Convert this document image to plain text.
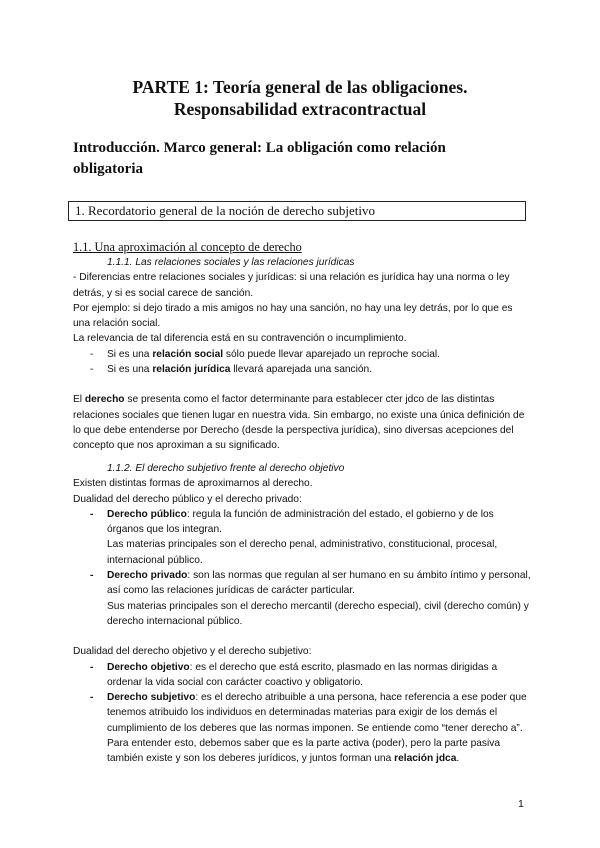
PARTE 1: Teoría general de las obligaciones.
Responsabilidad extracontractual
Introducción. Marco general: La obligación como relación obligatoria
1. Recordatorio general de la noción de derecho subjetivo
1.1. Una aproximación al concepto de derecho

1.1.1. Las relaciones sociales y las relaciones jurídicas

- Diferencias entre relaciones sociales y jurídicas: si una relación es jurídica hay una norma o ley detrás, y si es social carece de sanción.

Por ejemplo: si dejo tirado a mis amigos no hay una sanción, no hay una ley detrás, por lo que es una relación social.

La relevancia de tal diferencia está en su contravención o incumplimiento.

- Si es una relación social sólo puede llevar aparejado un reproche social.
- Si es una relación jurídica llevará aparejada una sanción.

El derecho se presenta como el factor determinante para establecer cter jdco de las distintas relaciones sociales que tienen lugar en nuestra vida. Sin embargo, no existe una única definición de lo que debe entenderse por Derecho (desde la perspectiva jurídica), sino diversas acepciones del concepto que nos aproximan a su significado.

1.1.2. El derecho subjetivo frente al derecho objetivo

Existen distintas formas de aproximarnos al derecho.

Dualidad del derecho público y el derecho privado:

- Derecho público: regula la función de administración del estado, el gobierno y de los órganos que los integran.
Las materias principales son el derecho penal, administrativo, constitucional, procesal, internacional público.
- Derecho privado: son las normas que regulan al ser humano en su ámbito íntimo y personal, así como las relaciones jurídicas de carácter particular.
Sus materias principales son el derecho mercantil (derecho especial), civil (derecho común) y derecho internacional público.

Dualidad del derecho objetivo y el derecho subjetivo:

- Derecho objetivo: es el derecho que está escrito, plasmado en las normas dirigidas a ordenar la vida social con carácter coactivo y obligatorio.
- Derecho subjetivo: es el derecho atribuible a una persona, hace referencia a ese poder que tenemos atribuido los individuos en determinadas materias para exigir de los demás el cumplimiento de los deberes que las normas imponen. Se entiende como “tener derecho a”.
Para entender esto, debemos saber que es la parte activa (poder), pero la parte pasiva también existe y son los deberes jurídicos, y juntos forman una relación jdca.
1
